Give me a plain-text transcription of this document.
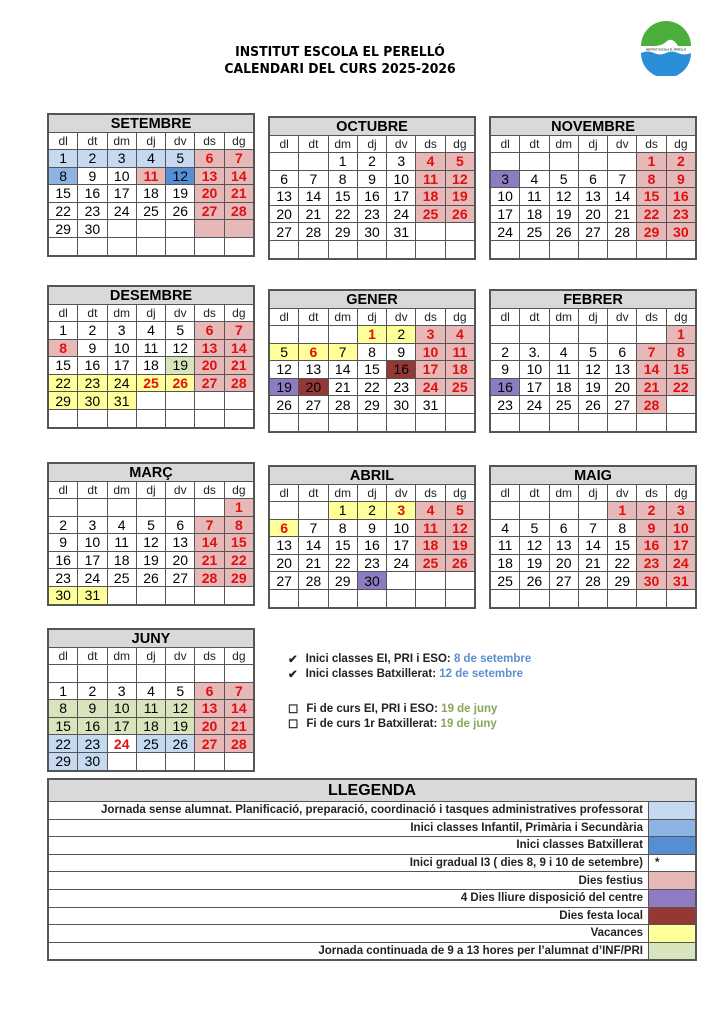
INSTITUT ESCOLA EL PERELLÓ
CALENDARI DEL CURS 2025-2026
INSTITUT ESCOLA EL PERELLÓ
SETEMBRE						
dl	dt	dm	dj	dv	ds	dg
1	2	3	4	5	6	7
8	9	10	11	12	13	14
15	16	17	18	19	20	21
22	23	24	25	26	27	28
29	30					

OCTUBRE						
dl	dt	dm	dj	dv	ds	dg
		1	2	3	4	5
6	7	8	9	10	11	12
13	14	15	16	17	18	19
20	21	22	23	24	25	26
27	28	29	30	31		

NOVEMBRE						
dl	dt	dm	dj	dv	ds	dg
					1	2
3	4	5	6	7	8	9
10	11	12	13	14	15	16
17	18	19	20	21	22	23
24	25	26	27	28	29	30

DESEMBRE						
dl	dt	dm	dj	dv	ds	dg
1	2	3	4	5	6	7
8	9	10	11	12	13	14
15	16	17	18	19	20	21
22	23	24	25	26	27	28
29	30	31				

GENER						
dl	dt	dm	dj	dv	ds	dg
			1	2	3	4
5	6	7	8	9	10	11
12	13	14	15	16	17	18
19	20	21	22	23	24	25
26	27	28	29	30	31	

FEBRER						
dl	dt	dm	dj	dv	ds	dg
						1
2	3.	4	5	6	7	8
9	10	11	12	13	14	15
16	17	18	19	20	21	22
23	24	25	26	27	28	

MARÇ						
dl	dt	dm	dj	dv	ds	dg
						1
2	3	4	5	6	7	8
9	10	11	12	13	14	15
16	17	18	19	20	21	22
23	24	25	26	27	28	29
30	31					
ABRIL						
dl	dt	dm	dj	dv	ds	dg
		1	2	3	4	5
6	7	8	9	10	11	12
13	14	15	16	17	18	19
20	21	22	23	24	25	26
27	28	29	30			

MAIG						
dl	dt	dm	dj	dv	ds	dg
				1	2	3
4	5	6	7	8	9	10
11	12	13	14	15	16	17
18	19	20	21	22	23	24
25	26	27	28	29	30	31

JUNY						
dl	dt	dm	dj	dv	ds	dg

1	2	3	4	5	6	7
8	9	10	11	12	13	14
15	16	17	18	19	20	21
22	23	24	25	26	27	28
29	30					
✔ Inici classes EI, PRI i ESO: 8 de setembre
✔ Inici classes Batxillerat: 12 de setembre
☐ Fi de curs EI, PRI i ESO: 19 de juny
☐ Fi de curs 1r Batxillerat: 19 de juny
LLEGENDA	
Jornada sense alumnat. Planificació, preparació, coordinació i tasques administratives professorat	
Inici classes Infantil, Primària i Secundària	
Inici classes Batxillerat	
Inici gradual I3 ( dies 8, 9 i 10 de setembre)	*
Dies festius	
4 Dies lliure disposició del centre	
Dies festa local	
Vacances	
Jornada continuada de 9 a 13 hores per l’alumnat d’INF/PRI	
